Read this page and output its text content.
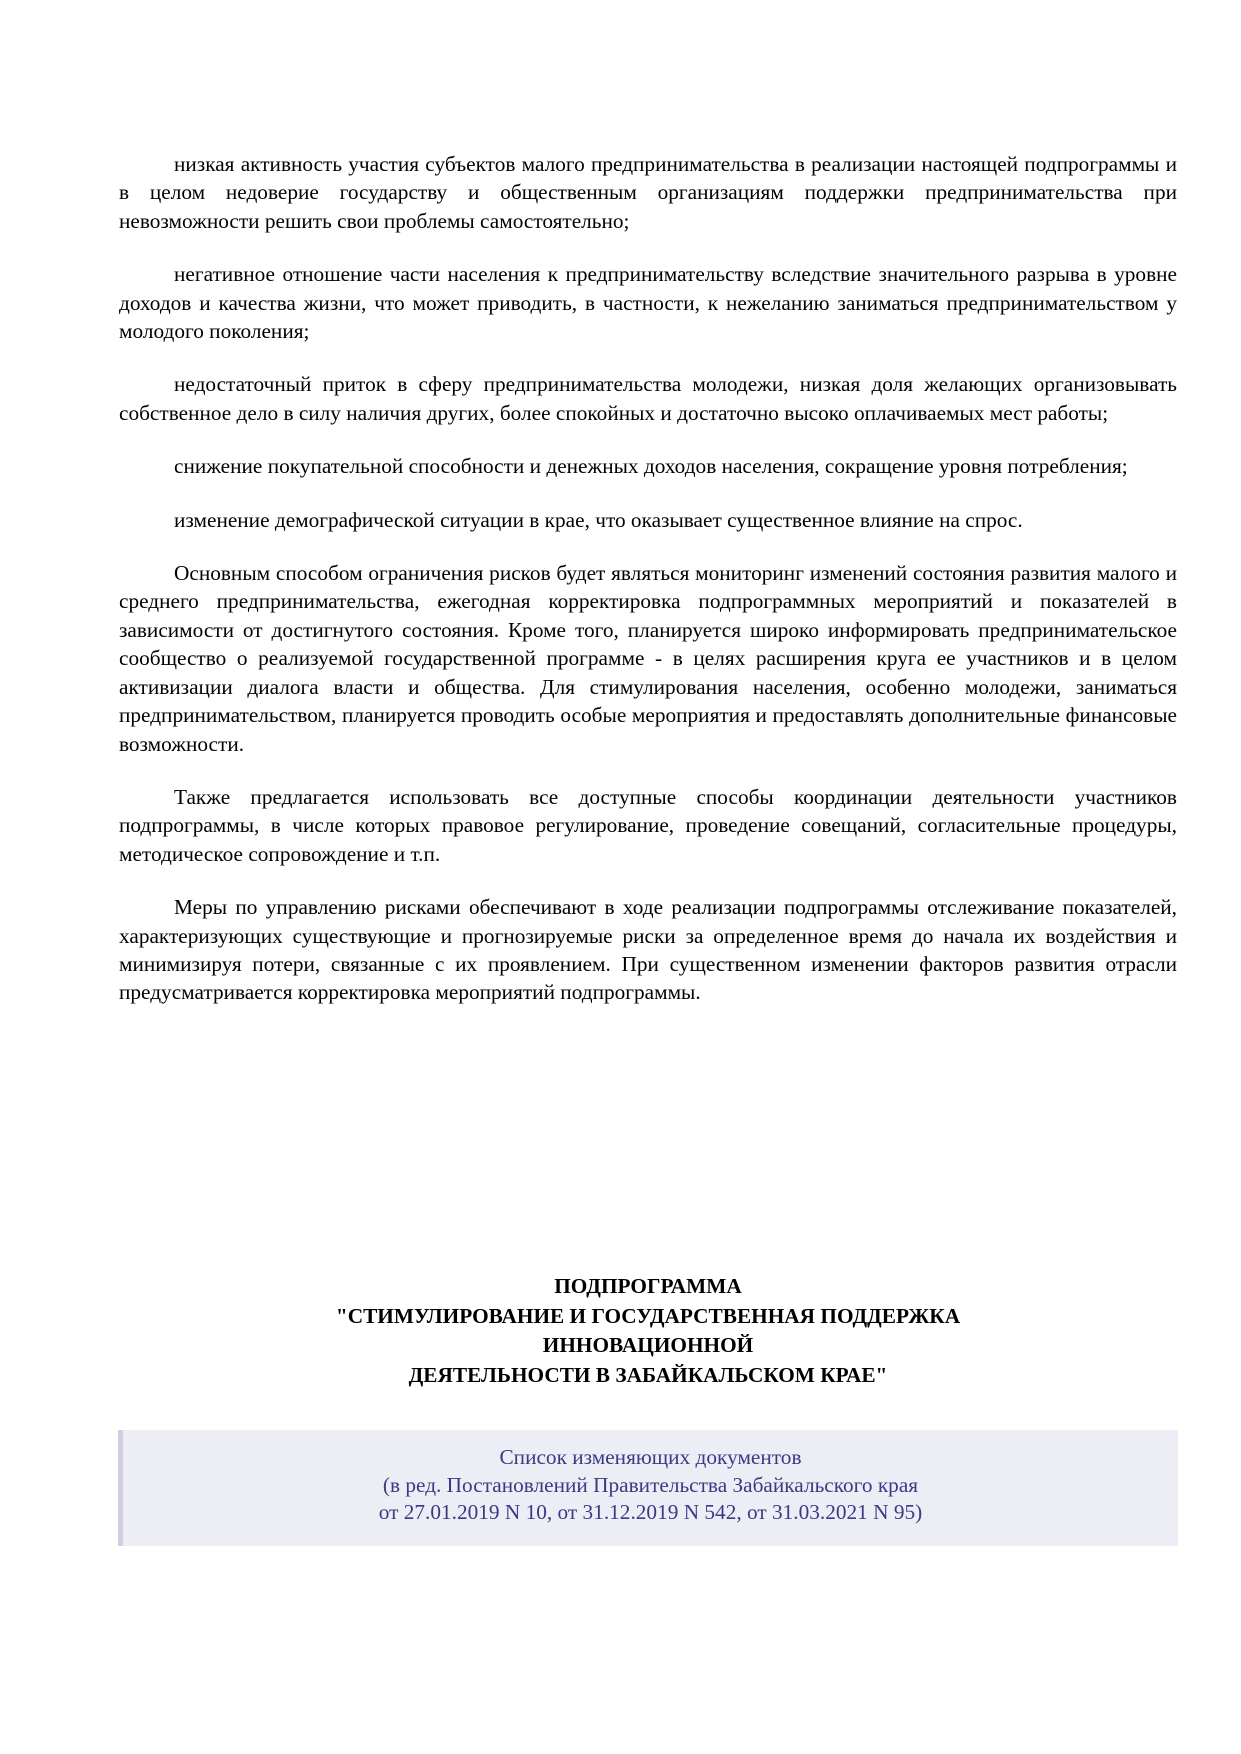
низкая активность участия субъектов малого предпринимательства в реализации настоящей подпрограммы и в целом недоверие государству и общественным организациям поддержки предпринимательства при невозможности решить свои проблемы самостоятельно;

негативное отношение части населения к предпринимательству вследствие значительного разрыва в уровне доходов и качества жизни, что может приводить, в частности, к нежеланию заниматься предпринимательством у молодого поколения;

недостаточный приток в сферу предпринимательства молодежи, низкая доля желающих организовывать собственное дело в силу наличия других, более спокойных и достаточно высоко оплачиваемых мест работы;

снижение покупательной способности и денежных доходов населения, сокращение уровня потребления;

изменение демографической ситуации в крае, что оказывает существенное влияние на спрос.

Основным способом ограничения рисков будет являться мониторинг изменений состояния развития малого и среднего предпринимательства, ежегодная корректировка подпрограммных мероприятий и показателей в зависимости от достигнутого состояния. Кроме того, планируется широко информировать предпринимательское сообщество о реализуемой государственной программе - в целях расширения круга ее участников и в целом активизации диалога власти и общества. Для стимулирования населения, особенно молодежи, заниматься предпринимательством, планируется проводить особые мероприятия и предоставлять дополнительные финансовые возможности.

Также предлагается использовать все доступные способы координации деятельности участников подпрограммы, в числе которых правовое регулирование, проведение совещаний, согласительные процедуры, методическое сопровождение и т.п.

Меры по управлению рисками обеспечивают в ходе реализации подпрограммы отслеживание показателей, характеризующих существующие и прогнозируемые риски за определенное время до начала их воздействия и минимизируя потери, связанные с их проявлением. При существенном изменении факторов развития отрасли предусматривается корректировка мероприятий подпрограммы.

ПОДПРОГРАММА
"СТИМУЛИРОВАНИЕ И ГОСУДАРСТВЕННАЯ ПОДДЕРЖКА
ИННОВАЦИОННОЙ
ДЕЯТЕЛЬНОСТИ В ЗАБАЙКАЛЬСКОМ КРАЕ"
Список изменяющих документов
(в ред. Постановлений Правительства Забайкальского края
от 27.01.2019 N 10, от 31.12.2019 N 542, от 31.03.2021 N 95)
